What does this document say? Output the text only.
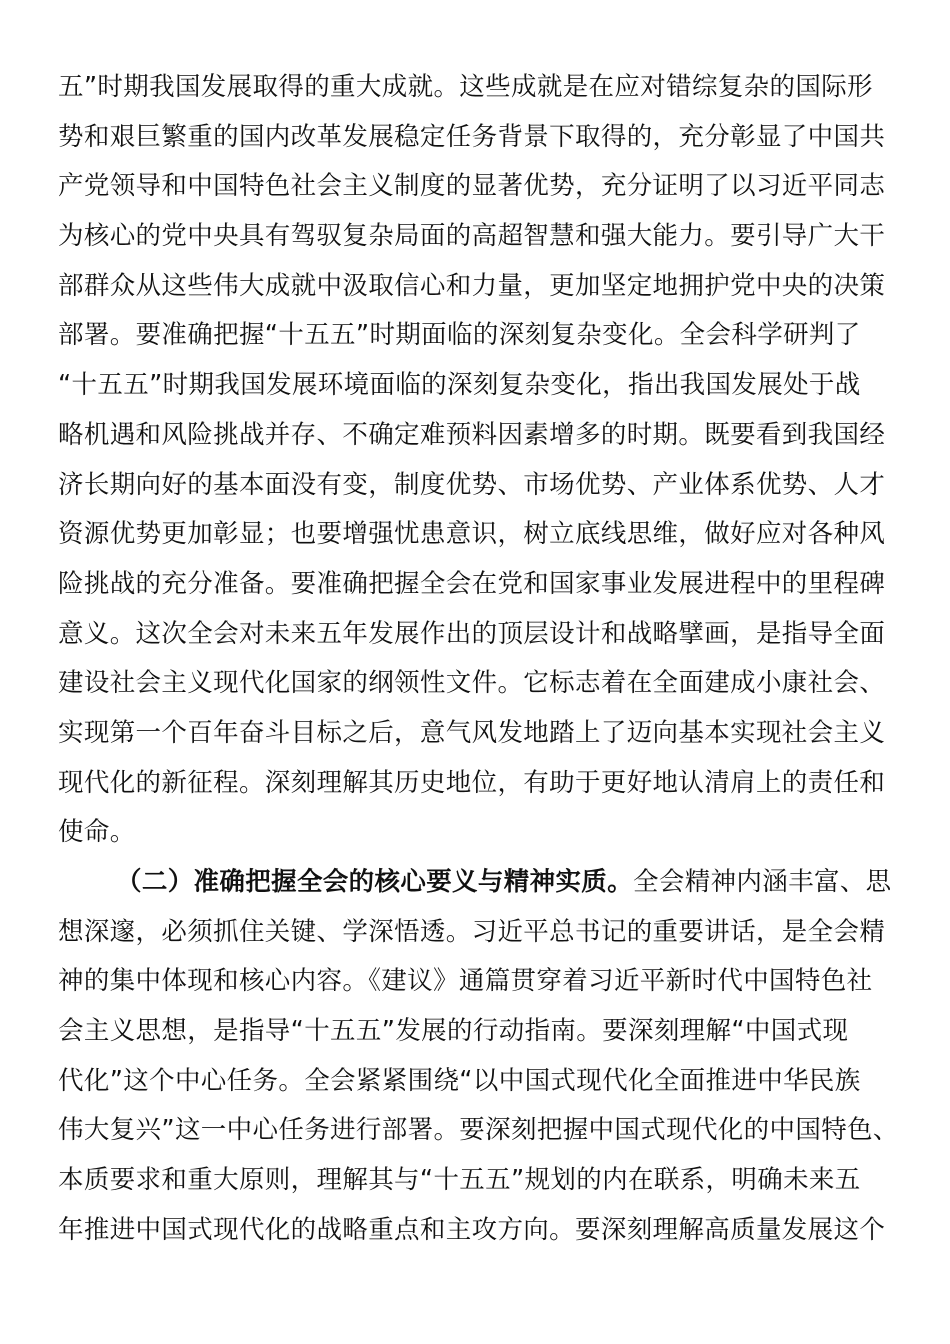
五”时期我国发展取得的重大成就。这些成就是在应对错综复杂的国际形
势和艰巨繁重的国内改革发展稳定任务背景下取得的，充分彰显了中国共
产党领导和中国特色社会主义制度的显著优势，充分证明了以习近平同志
为核心的党中央具有驾驭复杂局面的高超智慧和强大能力。要引导广大干
部群众从这些伟大成就中汲取信心和力量，更加坚定地拥护党中央的决策
部署。要准确把握“十五五”时期面临的深刻复杂变化。全会科学研判了
“十五五”时期我国发展环境面临的深刻复杂变化，指出我国发展处于战
略机遇和风险挑战并存、不确定难预料因素增多的时期。既要看到我国经
济长期向好的基本面没有变，制度优势、市场优势、产业体系优势、人才
资源优势更加彰显；也要增强忧患意识，树立底线思维，做好应对各种风
险挑战的充分准备。要准确把握全会在党和国家事业发展进程中的里程碑
意义。这次全会对未来五年发展作出的顶层设计和战略擘画，是指导全面
建设社会主义现代化国家的纲领性文件。它标志着在全面建成小康社会、
实现第一个百年奋斗目标之后，意气风发地踏上了迈向基本实现社会主义
现代化的新征程。深刻理解其历史地位，有助于更好地认清肩上的责任和
使命。
（二）准确把握全会的核心要义与精神实质。全会精神内涵丰富、思
想深邃，必须抓住关键、学深悟透。习近平总书记的重要讲话，是全会精
神的集中体现和核心内容。《建议》通篇贯穿着习近平新时代中国特色社
会主义思想，是指导“十五五”发展的行动指南。要深刻理解“中国式现
代化”这个中心任务。全会紧紧围绕“以中国式现代化全面推进中华民族
伟大复兴”这一中心任务进行部署。要深刻把握中国式现代化的中国特色、
本质要求和重大原则，理解其与“十五五”规划的内在联系，明确未来五
年推进中国式现代化的战略重点和主攻方向。要深刻理解高质量发展这个
